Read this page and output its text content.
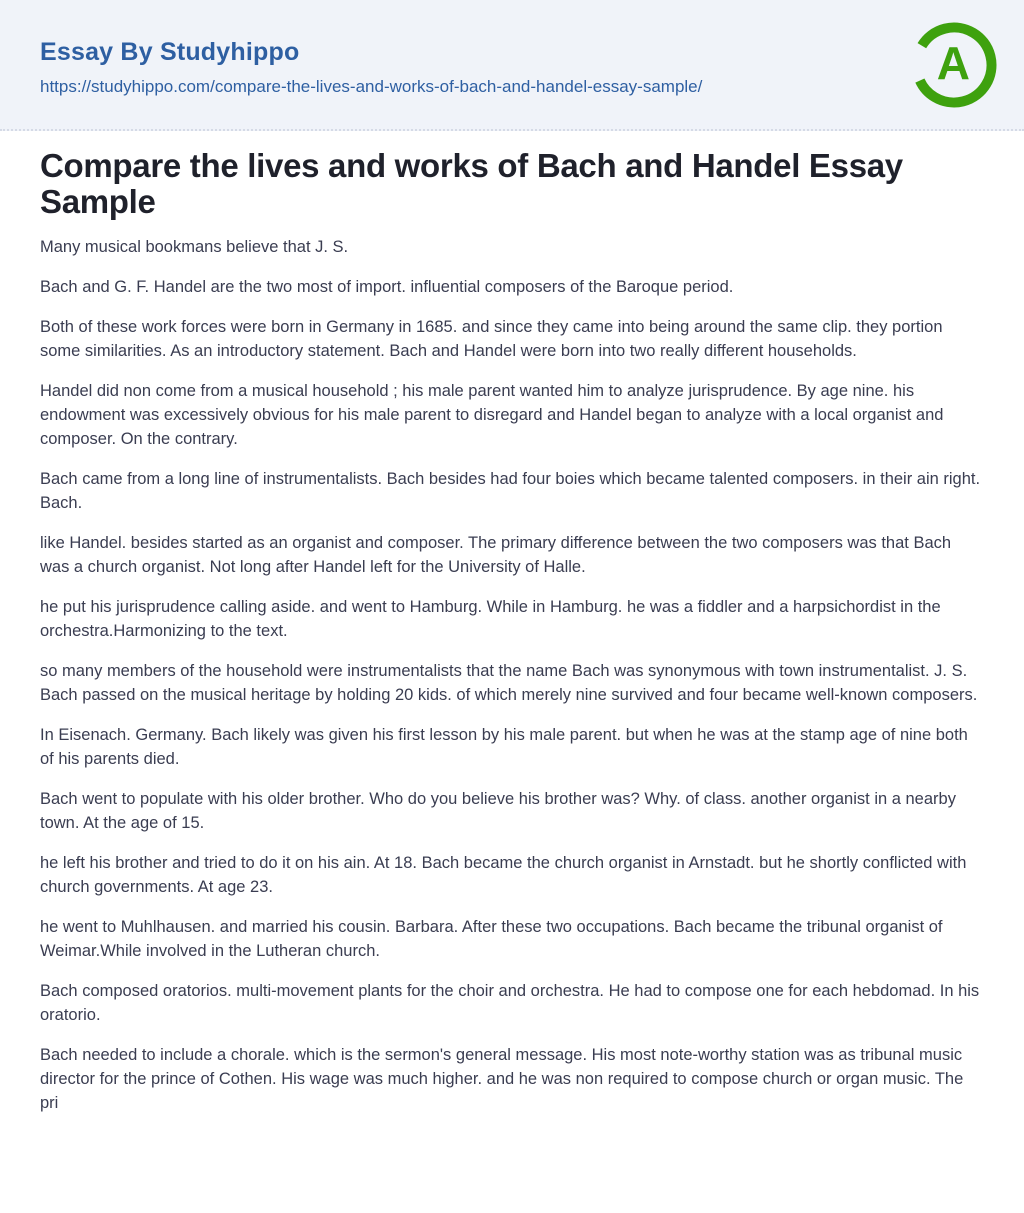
Essay By Studyhippo
https://studyhippo.com/compare-the-lives-and-works-of-bach-and-handel-essay-sample/	A
Compare the lives and works of Bach and Handel Essay Sample

Many musical bookmans believe that J. S.

Bach and G. F. Handel are the two most of import. influential composers of the Baroque period.

Both of these work forces were born in Germany in 1685. and since they came into being around the same clip. they portion some similarities. As an introductory statement. Bach and Handel were born into two really different households.

Handel did non come from a musical household ; his male parent wanted him to analyze jurisprudence. By age nine. his endowment was excessively obvious for his male parent to disregard and Handel began to analyze with a local organist and composer. On the contrary.

Bach came from a long line of instrumentalists. Bach besides had four boies which became talented composers. in their ain right. Bach.

like Handel. besides started as an organist and composer. The primary difference between the two composers was that Bach was a church organist. Not long after Handel left for the University of Halle.

he put his jurisprudence calling aside. and went to Hamburg. While in Hamburg. he was a fiddler and a harpsichordist in the orchestra.Harmonizing to the text.

so many members of the household were instrumentalists that the name Bach was synonymous with town instrumentalist. J. S. Bach passed on the musical heritage by holding 20 kids. of which merely nine survived and four became well-known composers.

In Eisenach. Germany. Bach likely was given his first lesson by his male parent. but when he was at the stamp age of nine both of his parents died.

Bach went to populate with his older brother. Who do you believe his brother was? Why. of class. another organist in a nearby town. At the age of 15.

he left his brother and tried to do it on his ain. At 18. Bach became the church organist in Arnstadt. but he shortly conflicted with church governments. At age 23.

he went to Muhlhausen. and married his cousin. Barbara. After these two occupations. Bach became the tribunal organist of Weimar.While involved in the Lutheran church.

Bach composed oratorios. multi-movement plants for the choir and orchestra. He had to compose one for each hebdomad. In his oratorio.

Bach needed to include a chorale. which is the sermon's general message. His most note-worthy station was as tribunal music director for the prince of Cothen. His wage was much higher. and he was non required to compose church or organ music. The pri
